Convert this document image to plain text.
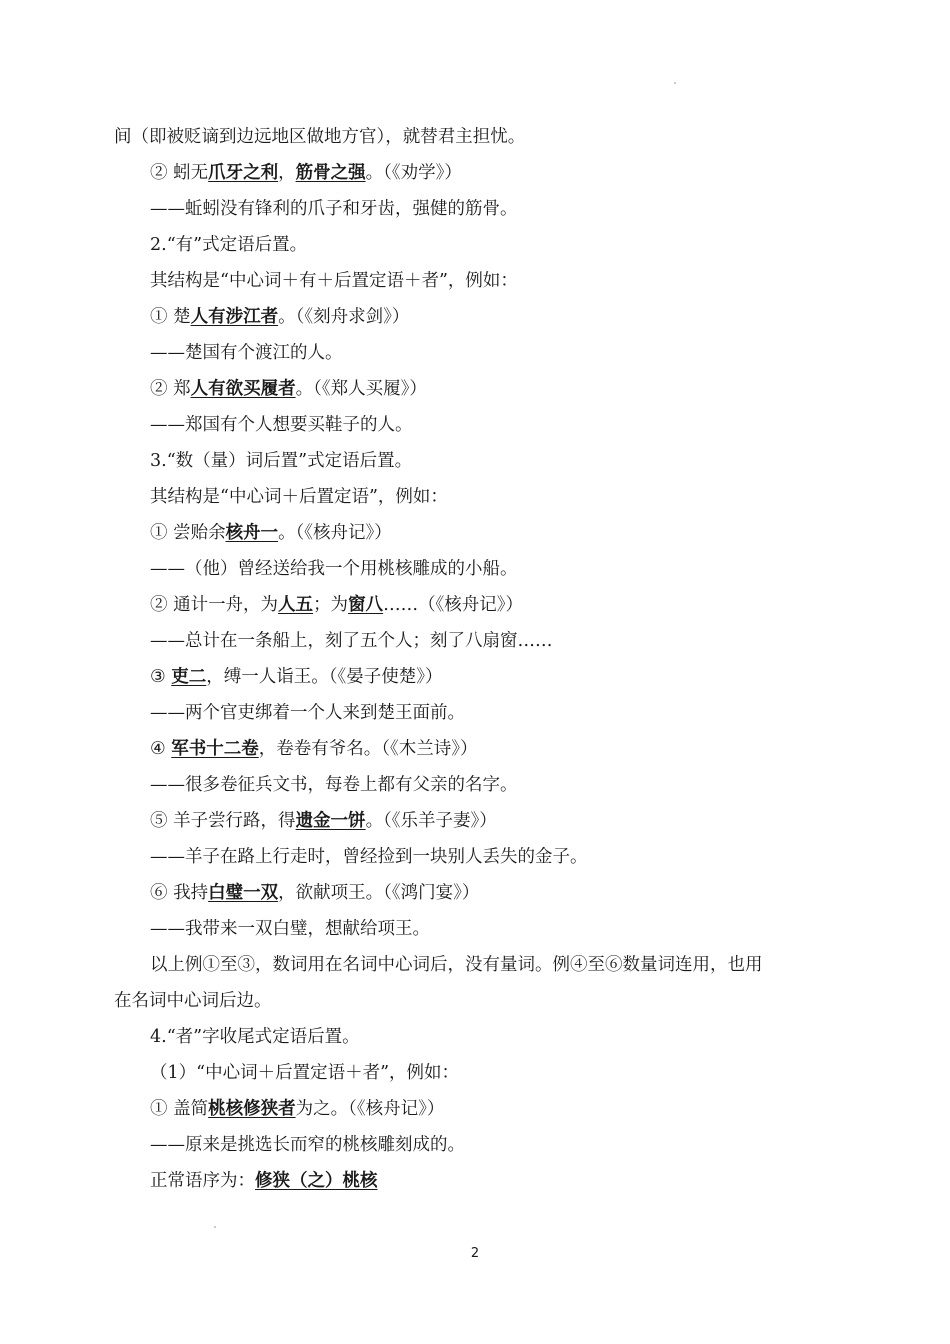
间（即被贬谪到边远地区做地方官），就替君主担忧。
② 蚓无爪牙之利，筋骨之强。（《劝学》）
——蚯蚓没有锋利的爪子和牙齿，强健的筋骨。
2.“有”式定语后置。
其结构是“中心词＋有＋后置定语＋者”，例如：
① 楚人有涉江者。（《刻舟求剑》）
——楚国有个渡江的人。
② 郑人有欲买履者。（《郑人买履》）
——郑国有个人想要买鞋子的人。
3.“数（量）词后置”式定语后置。
其结构是“中心词＋后置定语”，例如：
① 尝贻余核舟一。（《核舟记》）
——（他）曾经送给我一个用桃核雕成的小船。
② 通计一舟，为人五；为窗八……（《核舟记》）
——总计在一条船上，刻了五个人；刻了八扇窗……
③ 吏二，缚一人诣王。（《晏子使楚》）
——两个官吏绑着一个人来到楚王面前。
④ 军书十二卷，卷卷有爷名。（《木兰诗》）
——很多卷征兵文书，每卷上都有父亲的名字。
⑤ 羊子尝行路，得遗金一饼。（《乐羊子妻》）
——羊子在路上行走时，曾经捡到一块别人丢失的金子。
⑥ 我持白璧一双，欲献项王。（《鸿门宴》）
——我带来一双白璧，想献给项王。
以上例①至③，数词用在名词中心词后，没有量词。例④至⑥数量词连用，也用
在名词中心词后边。
4.“者”字收尾式定语后置。
（1）“中心词＋后置定语＋者”，例如：
① 盖简桃核修狭者为之。（《核舟记》）
——原来是挑选长而窄的桃核雕刻成的。
正常语序为：修狭（之）桃核
2
